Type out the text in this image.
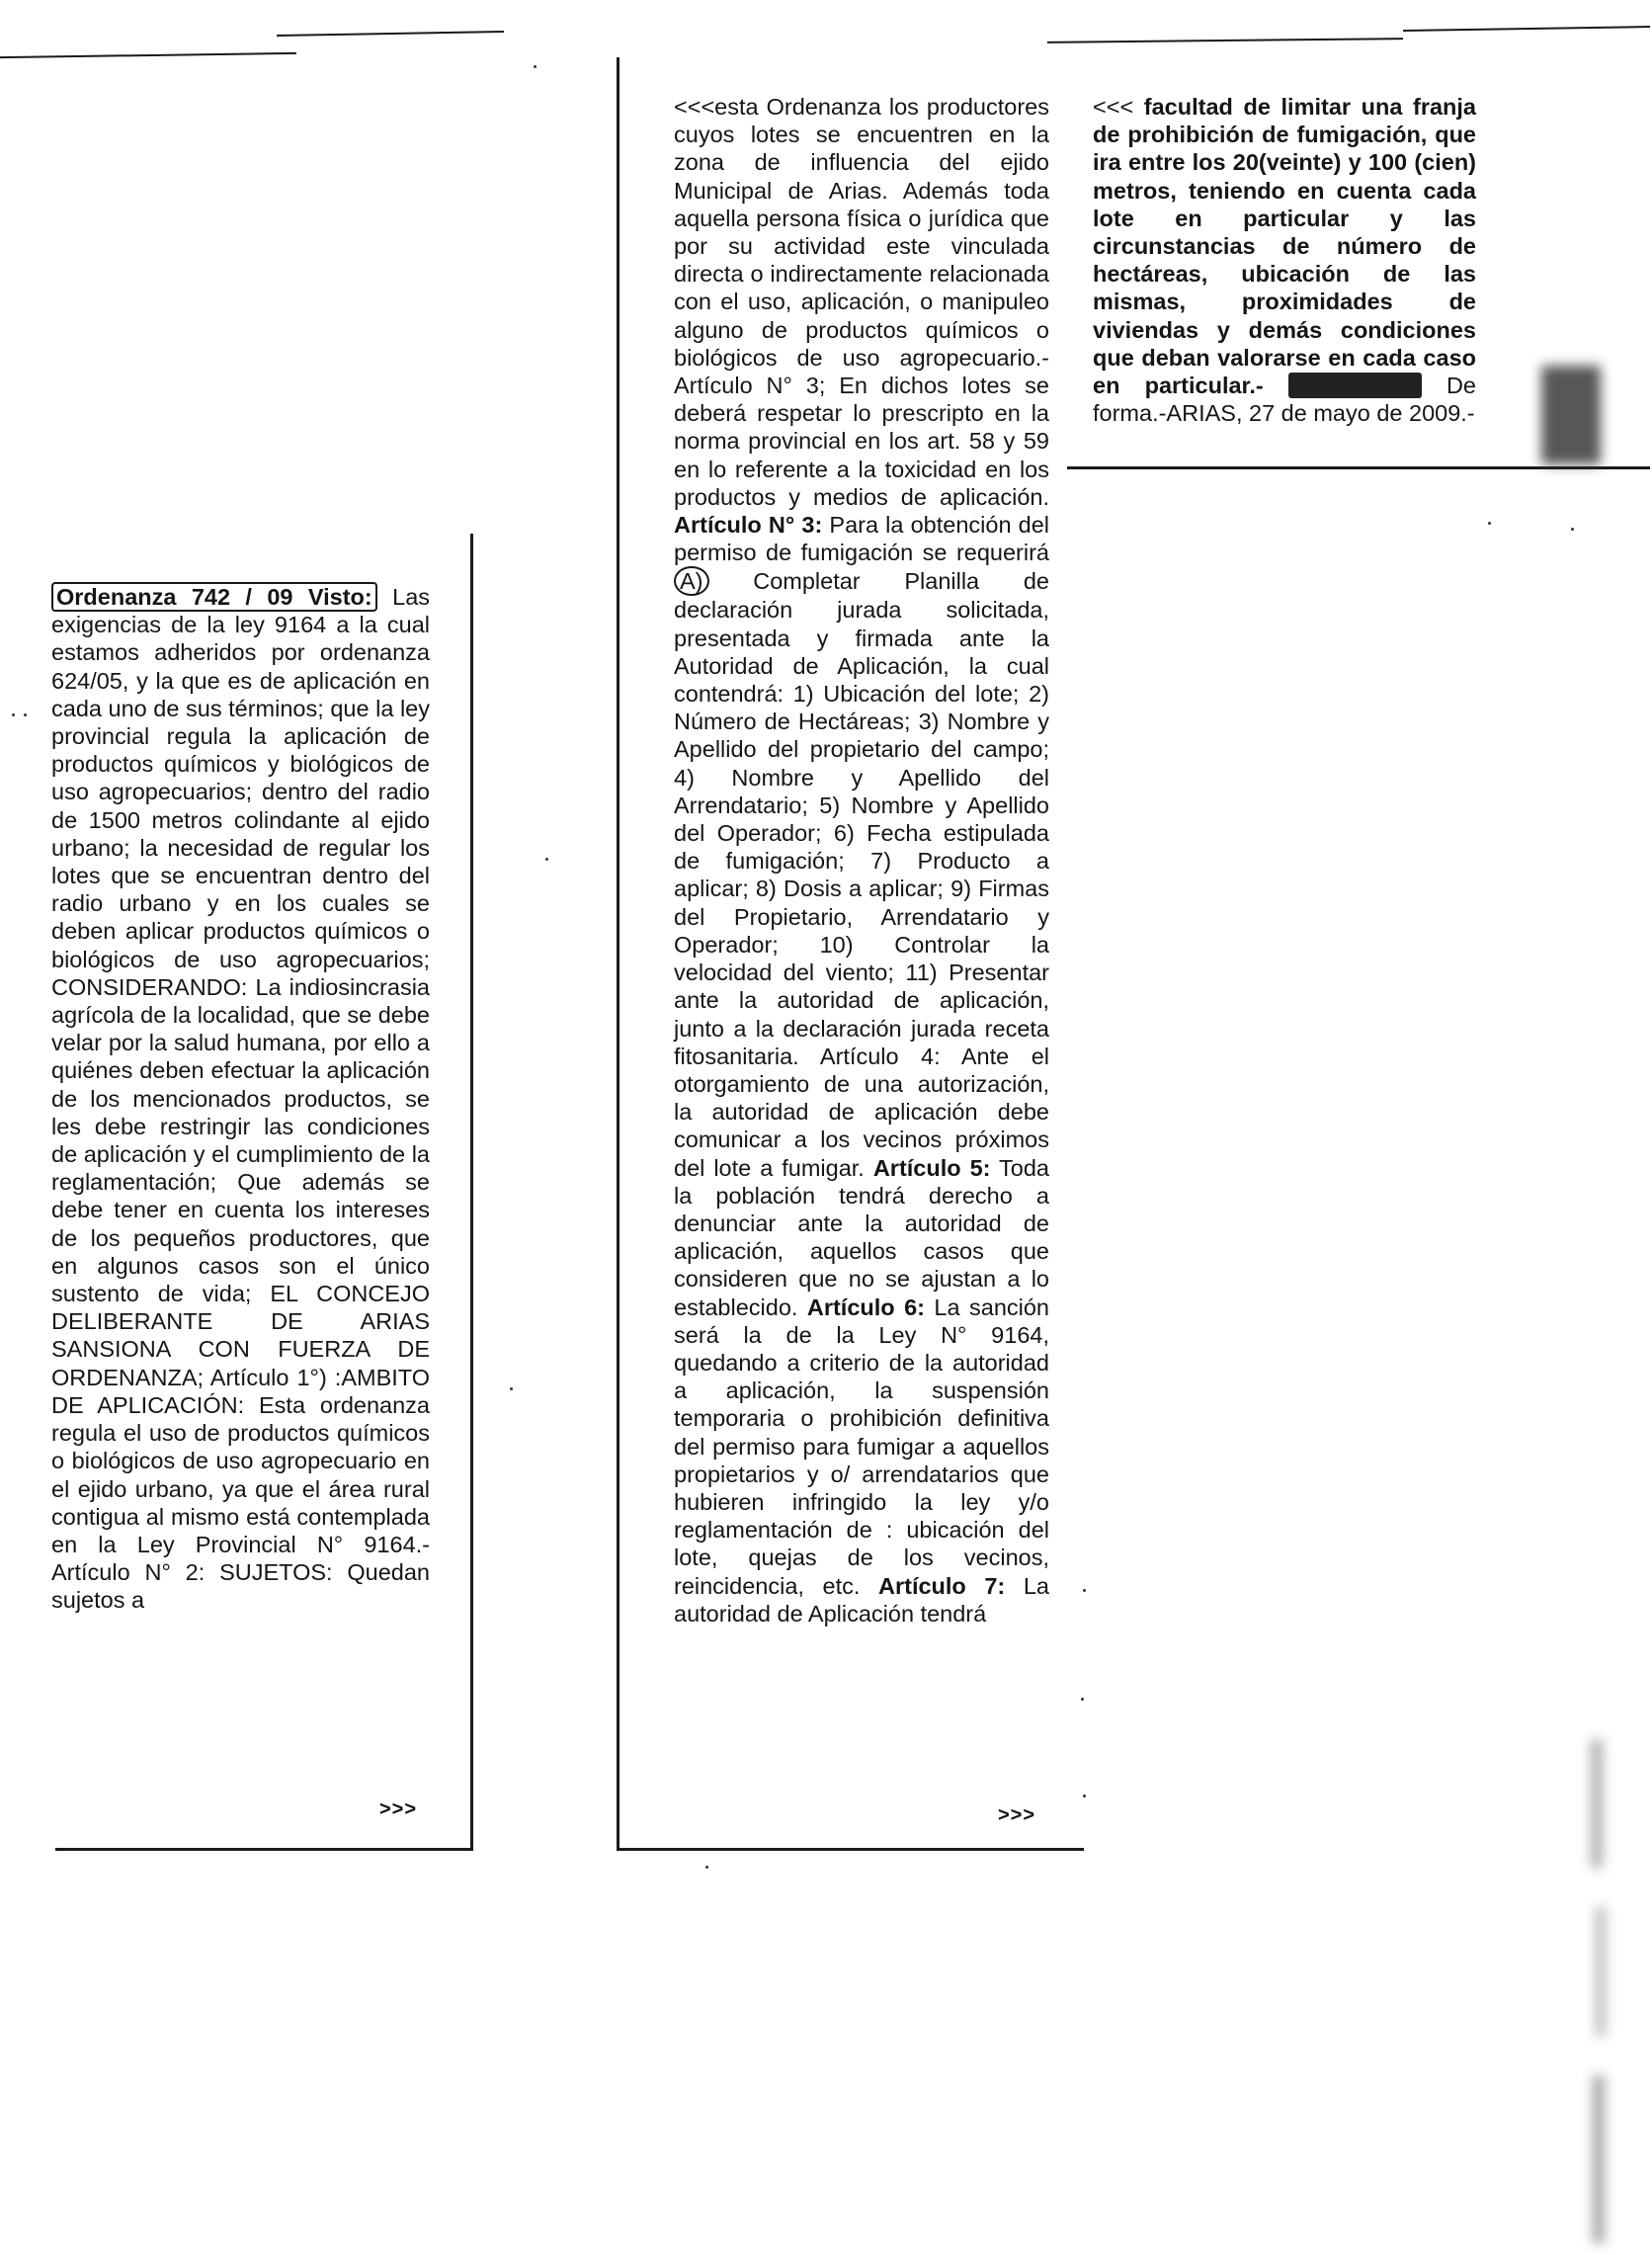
Ordenanza 742 / 09 Visto: Las exigencias de la ley 9164 a la cual estamos adheridos por ordenanza 624/05, y la que es de aplicación en cada uno de sus términos; que la ley provincial regula la aplicación de productos químicos y biológicos de uso agropecuarios; dentro del radio de 1500 metros colindante al ejido urbano; la necesidad de regular los lotes que se encuentran dentro del radio urbano y en los cuales se deben aplicar productos químicos o biológicos de uso agropecuarios; CONSIDERANDO: La indiosincrasia agrícola de la localidad, que se debe velar por la salud humana, por ello a quiénes deben efectuar la aplicación de los mencionados productos, se les debe restringir las condiciones de aplicación y el cumplimiento de la reglamentación; Que además se debe tener en cuenta los intereses de los pequeños productores, que en algunos casos son el único sustento de vida; EL CONCEJO DELIBERANTE DE ARIAS SANSIONA CON FUERZA DE ORDENANZA; Artículo 1°) :AMBITO DE APLICACIÓN: Esta ordenanza regula el uso de productos químicos o biológicos de uso agropecuario en el ejido urbano, ya que el área rural contigua al mismo está contemplada en la Ley Provincial N° 9164.- Artículo N° 2: SUJETOS: Quedan sujetos a

>>>

<<<esta Ordenanza los productores cuyos lotes se encuentren en la zona de influencia del ejido Municipal de Arias. Además toda aquella persona física o jurídica que por su actividad este vinculada directa o indirectamente relacionada con el uso, aplicación, o manipuleo alguno de productos químicos o biológicos de uso agropecuario.- Artículo N° 3; En dichos lotes se deberá respetar lo prescripto en la norma provincial en los art. 58 y 59 en lo referente a la toxicidad en los productos y medios de aplicación. Artículo N° 3: Para la obtención del permiso de fumigación se requerirá A) Completar Planilla de declaración jurada solicitada, presentada y firmada ante la Autoridad de Aplicación, la cual contendrá: 1) Ubicación del lote; 2) Número de Hectáreas; 3) Nombre y Apellido del propietario del campo; 4) Nombre y Apellido del Arrendatario; 5) Nombre y Apellido del Operador; 6) Fecha estipulada de fumigación; 7) Producto a aplicar; 8) Dosis a aplicar; 9) Firmas del Propietario, Arrendatario y Operador; 10) Controlar la velocidad del viento; 11) Presentar ante la autoridad de aplicación, junto a la declaración jurada receta fitosanitaria. Artículo 4: Ante el otorgamiento de una autorización, la autoridad de aplicación debe comunicar a los vecinos próximos del lote a fumigar. Artículo 5: Toda la población tendrá derecho a denunciar ante la autoridad de aplicación, aquellos casos que consideren que no se ajustan a lo establecido. Artículo 6: La sanción será la de la Ley N° 9164, quedando a criterio de la autoridad a aplicación, la suspensión temporaria o prohibición definitiva del permiso para fumigar a aquellos propietarios y o/ arrendatarios que hubieren infringido la ley y/o reglamentación de : ubicación del lote, quejas de los vecinos, reincidencia, etc. Artículo 7: La autoridad de Aplicación tendrá

>>>

<<< facultad de limitar una franja de prohibición de fumigación, que ira entre los 20(veinte) y 100 (cien) metros, teniendo en cuenta cada lote en particular y las circunstancias de número de hectáreas, ubicación de las mismas, proximidades de viviendas y demás condiciones que deban valorarse en cada caso en particular.- Artículo 8: De forma.-ARIAS, 27 de mayo de 2009.-
